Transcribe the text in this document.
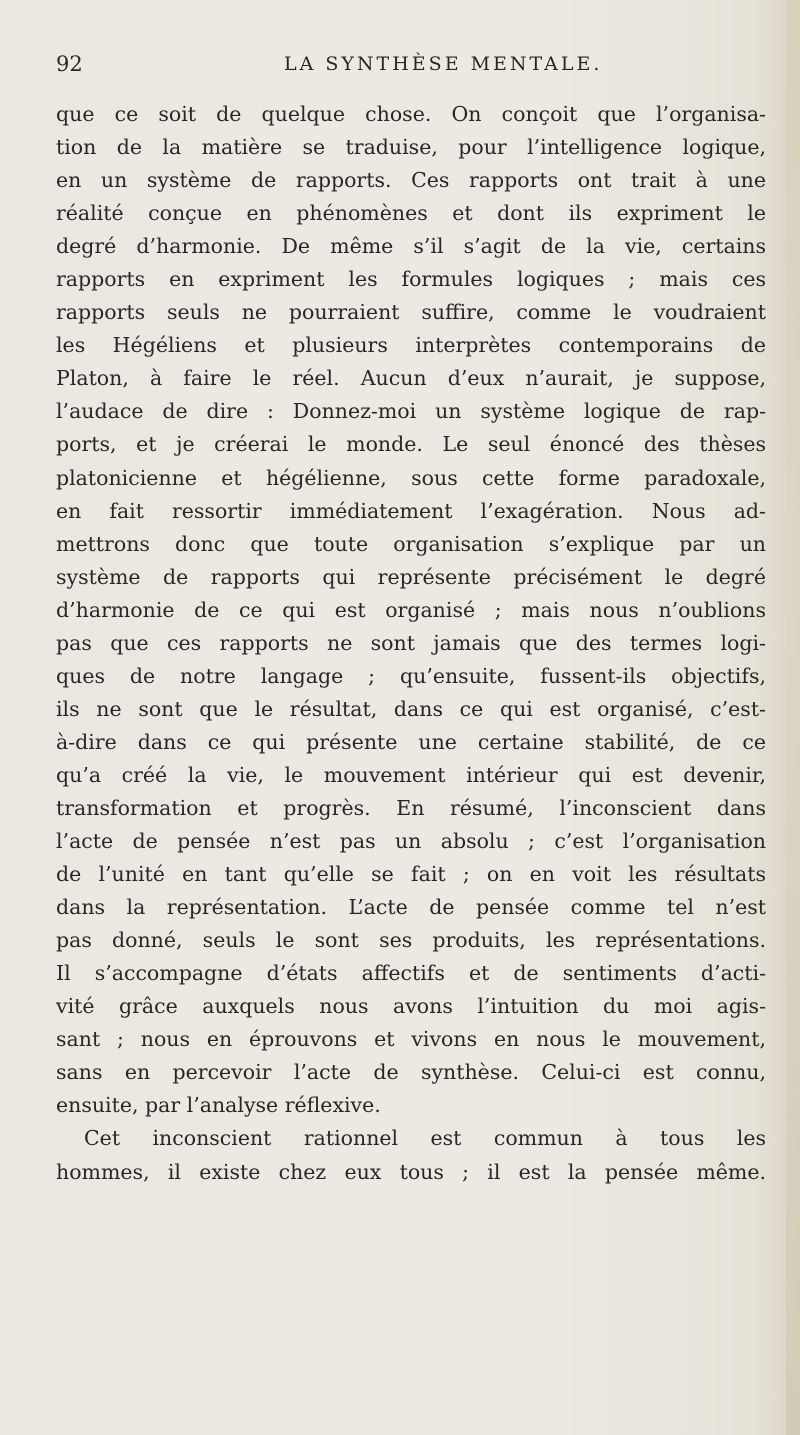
92	LA SYNTHÈSE MENTALE.
que ce soit de quelque chose. On conçoit que l’organisa-
tion de la matière se traduise, pour l’intelligence logique,
en un système de rapports. Ces rapports ont trait à une
réalité conçue en phénomènes et dont ils expriment le
degré d’harmonie. De même s’il s’agit de la vie, certains
rapports en expriment les formules logiques ; mais ces
rapports seuls ne pourraient suffire, comme le voudraient
les Hégéliens et plusieurs interprètes contemporains de
Platon, à faire le réel. Aucun d’eux n’aurait, je suppose,
l’audace de dire : Donnez-moi un système logique de rap-
ports, et je créerai le monde. Le seul énoncé des thèses
platonicienne et hégélienne, sous cette forme paradoxale,
en fait ressortir immédiatement l’exagération. Nous ad-
mettrons donc que toute organisation s’explique par un
système de rapports qui représente précisément le degré
d’harmonie de ce qui est organisé ; mais nous n’oublions
pas que ces rapports ne sont jamais que des termes logi-
ques de notre langage ; qu’ensuite, fussent-ils objectifs,
ils ne sont que le résultat, dans ce qui est organisé, c’est-
à-dire dans ce qui présente une certaine stabilité, de ce
qu’a créé la vie, le mouvement intérieur qui est devenir,
transformation et progrès. En résumé, l’inconscient dans
l’acte de pensée n’est pas un absolu ; c’est l’organisation
de l’unité en tant qu’elle se fait ; on en voit les résultats
dans la représentation. L’acte de pensée comme tel n’est
pas donné, seuls le sont ses produits, les représentations.
Il s’accompagne d’états affectifs et de sentiments d’acti-
vité grâce auxquels nous avons l’intuition du moi agis-
sant ; nous en éprouvons et vivons en nous le mouvement,
sans en percevoir l’acte de synthèse. Celui-ci est connu,
ensuite, par l’analyse réflexive.
Cet inconscient rationnel est commun à tous les
hommes, il existe chez eux tous ; il est la pensée même.
